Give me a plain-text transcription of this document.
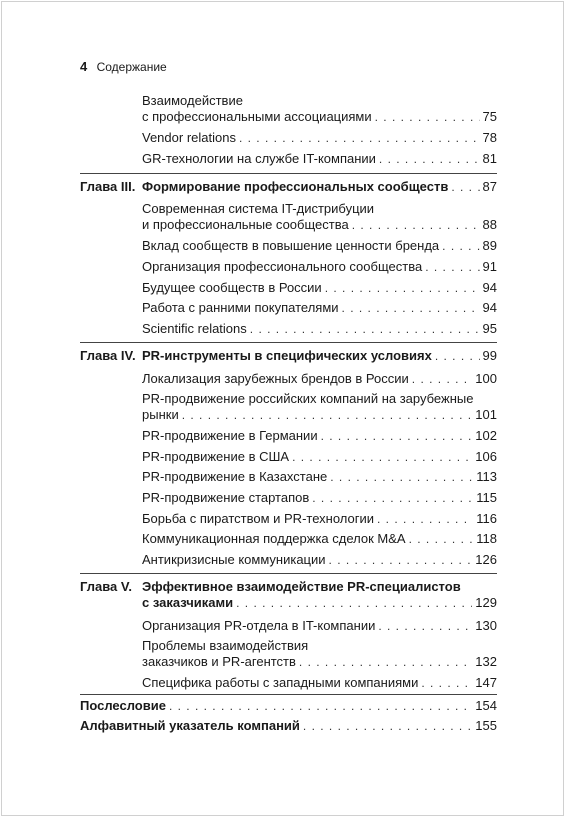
4 Содержание
Взаимодействие
с профессиональными ассоциациями . . .	75
Vendor relations . . .	78
GR-технологии на службе IT-компании . . .	81
Глава III. Формирование профессиональных сообществ . . .	87
Современная система IT-дистрибуции
и профессиональные сообщества . . .	88
Вклад сообществ в повышение ценности бренда . . .	89
Организация профессионального сообщества . . .	91
Будущее сообществ в России . . .	94
Работа с ранними покупателями . . .	94
Scientific relations . . .	95
Глава IV. PR-инструменты в специфических условиях . . .	99
Локализация зарубежных брендов в России . . .	100
PR-продвижение российских компаний на зарубежные
рынки . . .	101
PR-продвижение в Германии . . .	102
PR-продвижение в США . . .	106
PR-продвижение в Казахстане . . .	113
PR-продвижение стартапов . . .	115
Борьба с пиратством и PR-технологии . . .	116
Коммуникационная поддержка сделок M&A . . .	118
Антикризисные коммуникации . . .	126
Глава V. Эффективное взаимодействие PR-специалистов
с заказчиками . . .	129
Организация PR-отдела в IT-компании . . .	130
Проблемы взаимодействия
заказчиков и PR-агентств . . .	132
Специфика работы с западными компаниями . . .	147
Послесловие . . .	154
Алфавитный указатель компаний . . .	155
